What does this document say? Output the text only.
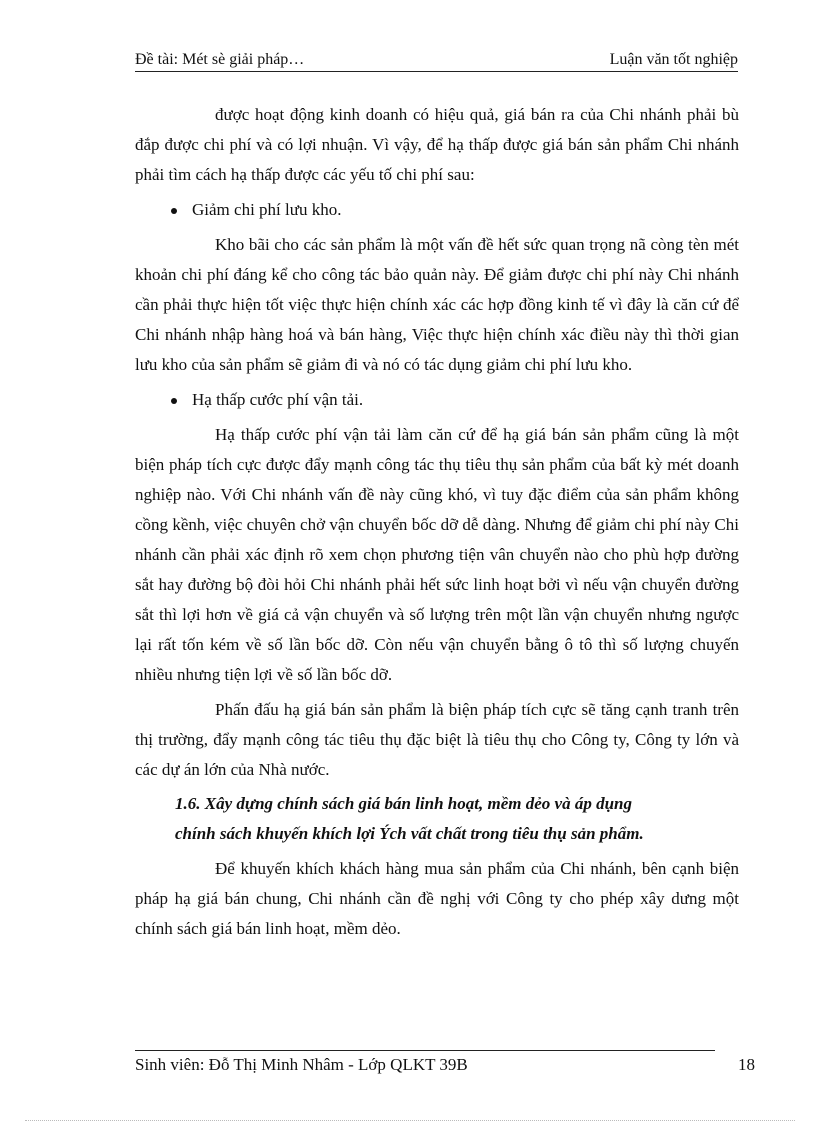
Đề tài: Mét sè giải pháp…	Luận văn tốt nghiệp

được hoạt động kinh doanh có hiệu quả, giá bán ra của Chi nhánh phải bù đắp được chi phí và có lợi nhuận. Vì vậy, để hạ thấp được giá bán sản phẩm Chi nhánh phải tìm cách hạ thấp được các yếu tố chi phí sau:

Giảm chi phí lưu kho.

Kho bãi cho các sản phẩm là một vấn đề hết sức quan trọng nã còng tèn mét khoản chi phí đáng kể cho công tác bảo quản này. Để giảm được chi phí này Chi nhánh cần phải thực hiện tốt việc thực hiện chính xác các hợp đồng kinh tế vì đây là căn cứ để Chi nhánh nhập hàng hoá và bán hàng, Việc thực hiện chính xác điều này thì thời gian lưu kho của sản phẩm sẽ giảm đi và nó có tác dụng giảm chi phí lưu kho.

Hạ thấp cước phí vận tải.

Hạ thấp cước phí vận tải làm căn cứ để hạ giá bán sản phẩm cũng là một biện pháp tích cực được đẩy mạnh công tác thụ tiêu thụ sản phẩm của bất kỳ mét doanh nghiệp nào. Với Chi nhánh vấn đề này cũng khó, vì tuy đặc điểm của sản phẩm không cồng kềnh, việc chuyên chở vận chuyển bốc dỡ dễ dàng. Nhưng để giảm chi phí này Chi nhánh cần phải xác định rõ xem chọn phương tiện vân chuyển nào cho phù hợp đường sắt hay đường bộ đòi hỏi Chi nhánh phải hết sức linh hoạt bởi vì nếu vận chuyển đường sắt thì lợi hơn về giá cả vận chuyển và số lượng trên một lần vận chuyển nhưng ngược lại rất tốn kém về số lần bốc dỡ. Còn nếu vận chuyển bằng ô tô thì số lượng chuyến nhiều nhưng tiện lợi về số lần bốc dỡ.

Phấn đấu hạ giá bán sản phẩm là biện pháp tích cực sẽ tăng cạnh tranh trên thị trường, đẩy mạnh công tác tiêu thụ đặc biệt là tiêu thụ cho Công ty, Công ty lớn và các dự án lớn của Nhà nước.

1.6. Xây dựng chính sách giá bán linh hoạt, mềm dẻo và áp dụng
chính sách khuyến khích lợi Ých vất chất trong tiêu thụ sản phẩm.

Để khuyến khích khách hàng mua sản phẩm của Chi nhánh, bên cạnh biện pháp hạ giá bán chung, Chi nhánh cần đề nghị với Công ty cho phép xây dưng một chính sách giá bán linh hoạt, mềm dẻo.

Sinh viên: Đỗ Thị Minh Nhâm - Lớp QLKT 39B	18
